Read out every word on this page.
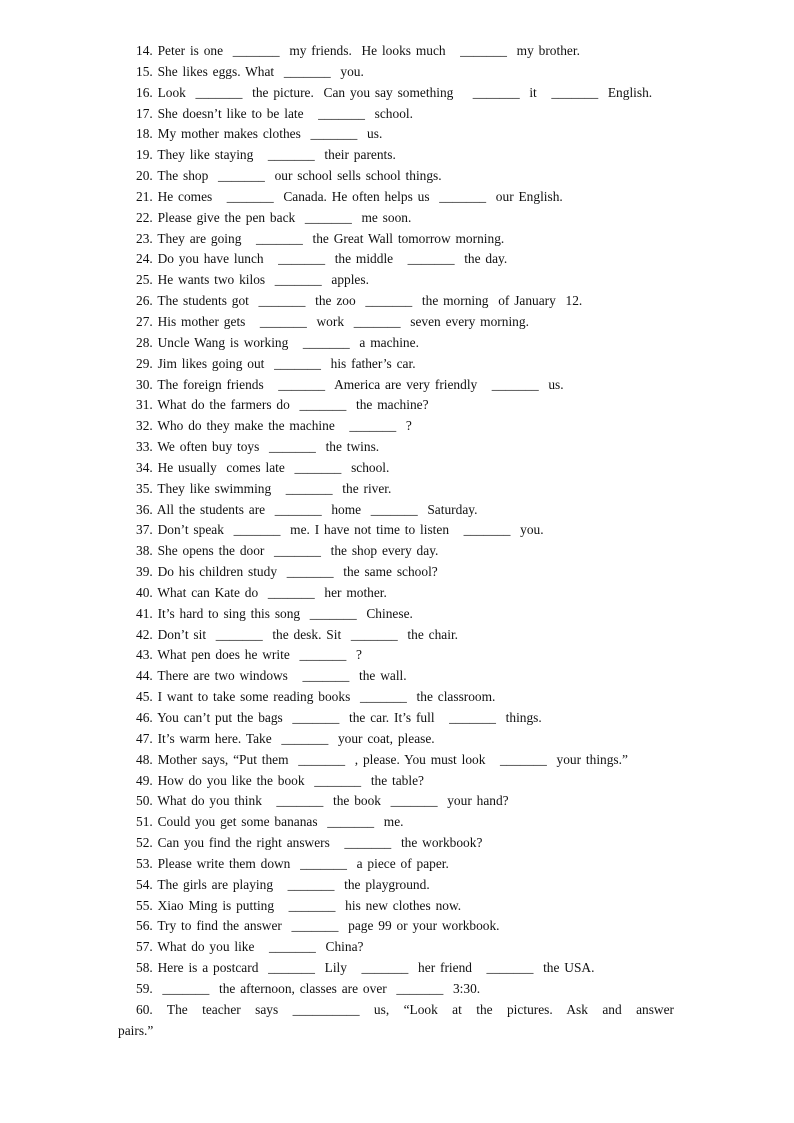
14. Peter is one  _______  my friends.  He looks much   _______  my brother.
15. She likes eggs. What  _______  you.
16. Look  _______  the picture.  Can you say something    _______  it   _______  English.
17. She doesn’t like to be late   _______  school.
18. My mother makes clothes  _______  us.
19. They like staying   _______  their parents.
20. The shop  _______  our school sells school things.
21. He comes   _______  Canada. He often helps us  _______  our English.
22. Please give the pen back  _______  me soon.
23. They are going   _______  the Great Wall tomorrow morning.
24. Do you have lunch   _______  the middle   _______  the day.
25. He wants two kilos  _______  apples.
26. The students got  _______  the zoo  _______  the morning  of January  12.
27. His mother gets   _______  work  _______  seven every morning.
28. Uncle Wang is working   _______  a machine.
29. Jim likes going out  _______  his father’s car.
30. The foreign friends   _______  America are very friendly   _______  us.
31. What do the farmers do  _______  the machine?
32. Who do they make the machine   _______  ?
33. We often buy toys  _______  the twins.
34. He usually  comes late  _______  school.
35. They like swimming   _______  the river.
36. All the students are  _______  home  _______  Saturday.
37. Don’t speak  _______  me. I have not time to listen   _______  you.
38. She opens the door  _______  the shop every day.
39. Do his children study  _______  the same school?
40. What can Kate do  _______  her mother.
41. It’s hard to sing this song  _______  Chinese.
42. Don’t sit  _______  the desk. Sit  _______  the chair.
43. What pen does he write  _______  ?
44. There are two windows   _______  the wall.
45. I want to take some reading books  _______  the classroom.
46. You can’t put the bags  _______  the car. It’s full   _______  things.
47. It’s warm here. Take  _______  your coat, please.
48. Mother says, “Put them  _______  , please. You must look   _______  your things.”
49. How do you like the book  _______  the table?
50. What do you think   _______  the book  _______  your hand?
51. Could you get some bananas  _______  me.
52. Can you find the right answers   _______  the workbook?
53. Please write them down  _______  a piece of paper.
54. The girls are playing   _______  the playground.
55. Xiao Ming is putting   _______  his new clothes now.
56. Try to find the answer  _______  page 99 or your workbook.
57. What do you like   _______  China?
58. Here is a postcard  _______  Lily   _______  her friend   _______  the USA.
59.  _______  the afternoon, classes are over  _______  3:30.
60. The teacher says __________ us, “Look at the pictures. Ask and answer
pairs.”
